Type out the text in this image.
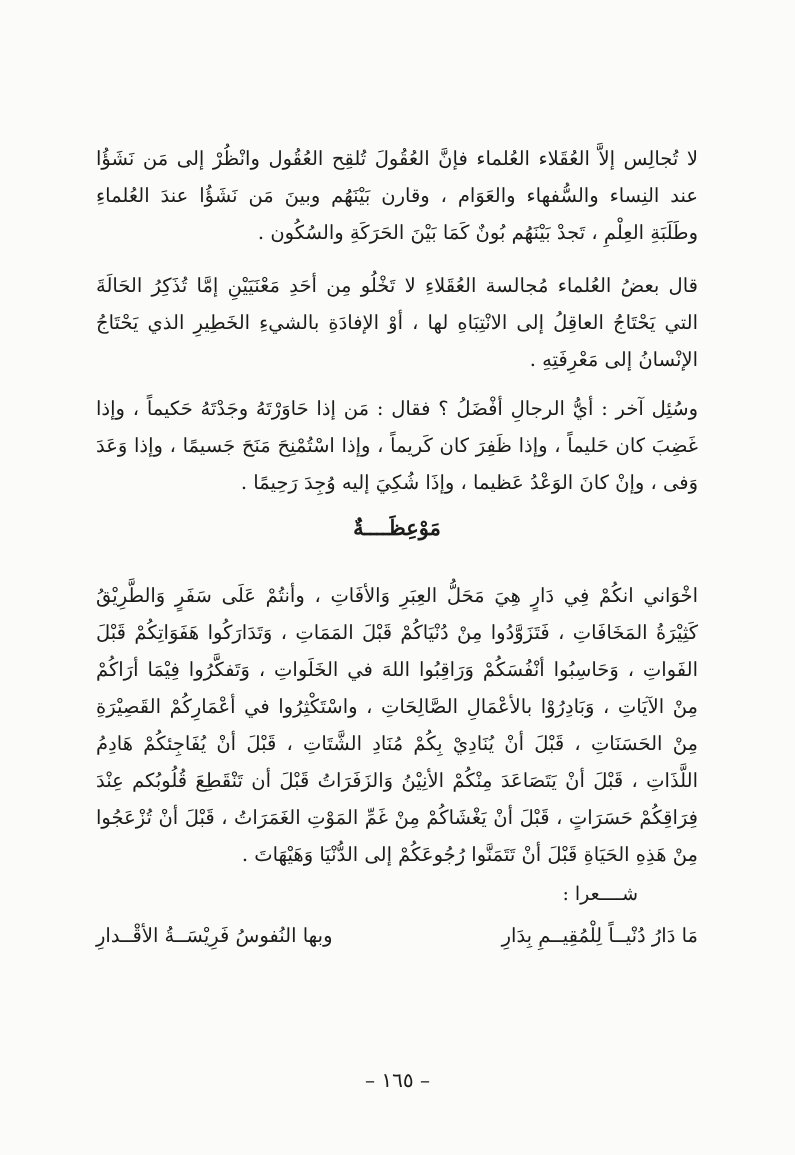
لا تُجالِس إلاَّ العُقَلاء العُلماء فإنَّ العُقُولَ تُلقِح العُقُول وانْظُرْ إلى مَن نَشَؤُا عند النِساء والسُّفهاء والعَوَام ، وقارن بَيْنَهُم وبينَ مَن نَشَؤُا عندَ العُلماءِ وطَلَبَةِ العِلْمِ ، تَجدْ بَيْنَهُم بُونٌ كَمَا بَيْنَ الحَرَكَةِ والسُكُون .

قال بعضُ العُلماء مُجالسة العُقَلاءِ لا تَخْلُو مِن أحَدِ مَعْنَيَيْنِ إمَّا تُذَكِرُ الحَالَةَ التي يَحْتَاجُ العاقِلُ إلى الانْتِبَاهِ لها ، أوْ الإفادَةِ بالشيءِ الخَطِيرِ الذي يَحْتَاجُ الإنْسانُ إلى مَعْرِفَتِهِ .

وسُئِل آخر : أيُّ الرجالِ أفْضَلُ ؟ فقال : مَن إذا حَاوَرْتَهُ وجَدْتَهُ حَكيماً ، وإذا غَضِبَ كان حَليماً ، وإذا ظَفِرَ كان كَريماً ، وإذا اسْتُمْنِحَ مَنَحَ جَسيمًا ، وإذا وَعَدَ وَفى ، وإنْ كانَ الوَعْدُ عَظيما ، وإذَا شُكِيَ إليه وُجِدَ رَحِيمًا .

مَوْعِظَــــةٌ

اخْوَاني انكُمْ فِي دَارٍ هِيَ مَحَلُّ العِبَرِ وَالأفَاتِ ، وأنتُمْ عَلَى سَفَرٍ وَالطَّرِيْقُ كَثِيْرَةُ المَخَافَاتِ ، فَتَزَوَّدُوا مِنْ دُنْيَاكُمْ قَبْلَ المَمَاتِ ، وَتَدَارَكُوا هَفَوَاتِكُمْ قَبْلَ الفَواتِ ، وَحَاسِبُوا أنْفُسَكُمْ وَرَاقِبُوا اللهَ في الخَلَواتِ ، وَتَفكَّرُوا فِيْمَا أرَاكُمْ مِنْ الآيَاتِ ، وَبَادِرُوْا بالأعْمَالِ الصَّالِحَاتِ ، واسْتَكْثِرُوا في أعْمَارِكُمْ القَصِيْرَةِ مِنْ الحَسَنَاتِ ، قَبْلَ أنْ يُنَادِيْ بِكُمْ مُنَادِ الشَّتَاتِ ، قَبْلَ أنْ يُفَاجِئكُمْ هَادِمُ اللَّذَاتِ ، قَبْلَ أنْ يَتَصَاعَدَ مِنْكُمْ الأنِيْنُ وَالزَفَرَاتُ قَبْلَ أن تَنْقَطِعَ قُلُوبُكم عِنْدَ فِرَاقِكُمْ حَسَرَاتٍ ، قَبْلَ أنْ يَغْشَاكُمْ مِنْ غَمِّ المَوْتِ الغَمَرَاتُ ، قَبْلَ أنْ تُزْعَجُوا مِنْ هَذِهِ الحَيَاةِ قَبْلَ أنْ تَتَمَنَّوا رُجُوعَكُمْ إلى الدُّنْيَا وَهَيْهَاتَ .

شــــعرا :
مَا دَارُ دُنْيــاً لِلْمُقِيــمِ بِدَارِ
وبها النُفوسُ فَرِيْسَــةُ الأقْــدارِ
– ١٦٥ –
